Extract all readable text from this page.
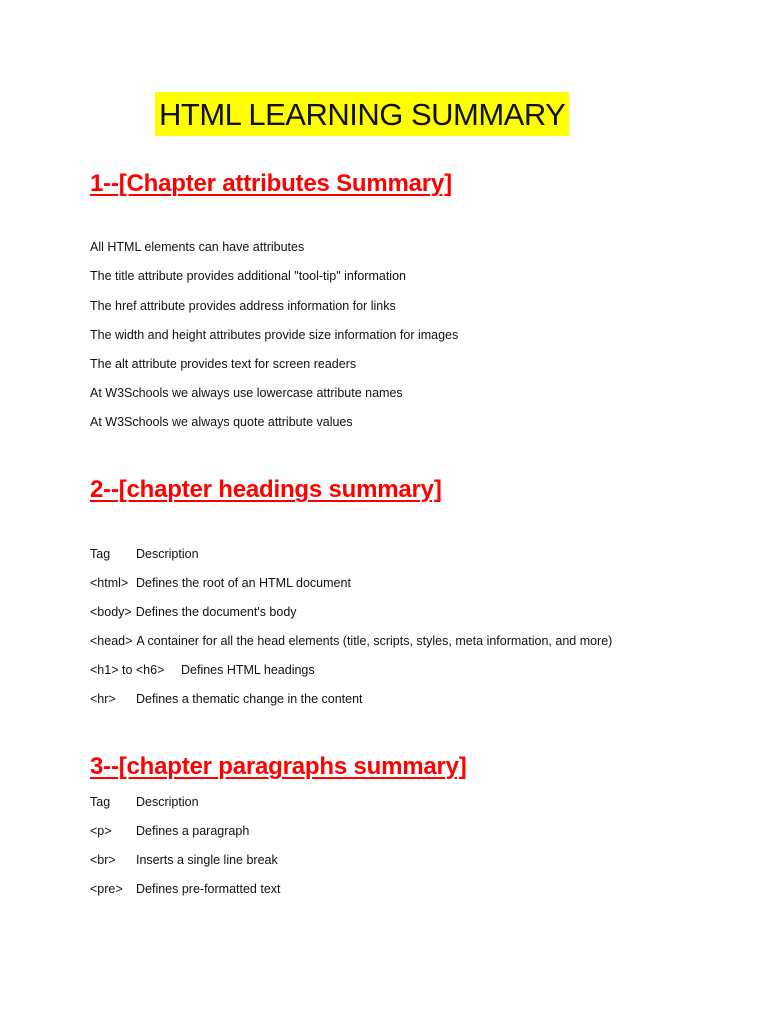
HTML LEARNING SUMMARY
1--[Chapter attributes Summary]
All HTML elements can have attributes
The title attribute provides additional "tool-tip" information
The href attribute provides address information for links
The width and height attributes provide size information for images
The alt attribute provides text for screen readers
At W3Schools we always use lowercase attribute names
At W3Schools we always quote attribute values
2--[chapter headings summary]
Tag Description
<html> Defines the root of an HTML document
<body> Defines the document's body
<head> A container for all the head elements (title, scripts, styles, meta information, and more)
<h1> to <h6> Defines HTML headings
<hr> Defines a thematic change in the content
3--[chapter paragraphs summary]
Tag Description
<p> Defines a paragraph
<br> Inserts a single line break
<pre> Defines pre-formatted text
